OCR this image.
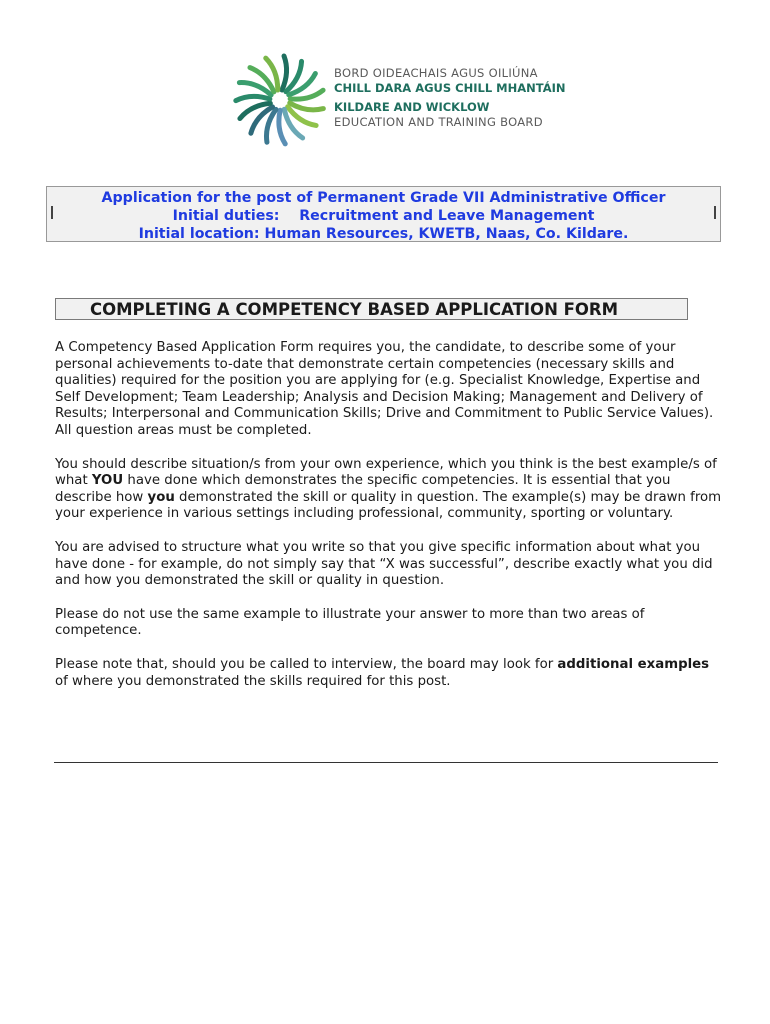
BORD OIDEACHAIS AGUS OILIÚNA
CHILL DARA AGUS CHILL MHANTÁIN
KILDARE AND WICKLOW
EDUCATION AND TRAINING BOARD
Application for the post of Permanent Grade VII Administrative Officer
Initial duties:    Recruitment and Leave Management
Initial location: Human Resources, KWETB, Naas, Co. Kildare.
COMPLETING A COMPETENCY BASED APPLICATION FORM

A Competency Based Application Form requires you, the candidate, to describe some of your personal achievements to-date that demonstrate certain competencies (necessary skills and qualities) required for the position you are applying for (e.g. Specialist Knowledge, Expertise and Self Development; Team Leadership; Analysis and Decision Making; Management and Delivery of Results; Interpersonal and Communication Skills; Drive and Commitment to Public Service Values). All question areas must be completed.

You should describe situation/s from your own experience, which you think is the best example/s of what YOU have done which demonstrates the specific competencies. It is essential that you describe how you demonstrated the skill or quality in question. The example(s) may be drawn from your experience in various settings including professional, community, sporting or voluntary.

You are advised to structure what you write so that you give specific information about what you have done - for example, do not simply say that “X was successful”, describe exactly what you did and how you demonstrated the skill or quality in question.

Please do not use the same example to illustrate your answer to more than two areas of competence.

Please note that, should you be called to interview, the board may look for additional examples of where you demonstrated the skills required for this post.
